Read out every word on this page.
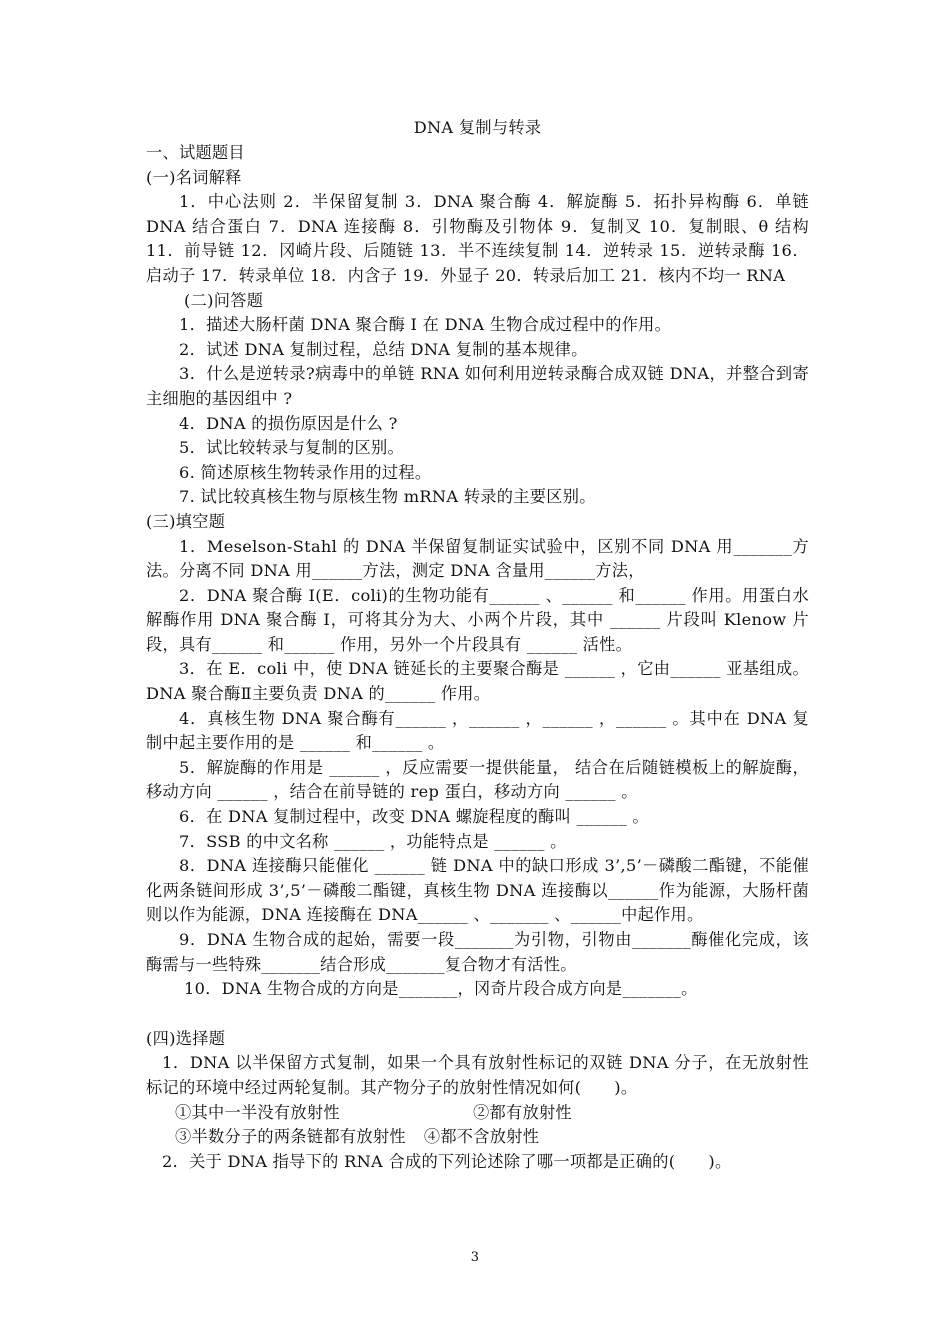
DNA 复制与转录

一、试题题目

(一)名词解释

1．中心法则 2．半保留复制 3．DNA 聚合酶 4．解旋酶 5．拓扑异构酶 6．单链 DNA 结合蛋白 7．DNA 连接酶 8．引物酶及引物体 9．复制叉 10．复制眼、θ 结构 11．前导链 12．冈崎片段、后随链 13．半不连续复制 14．逆转录 15．逆转录酶 16．启动子 17．转录单位 18．内含子 19．外显子 20．转录后加工 21．核内不均一 RNA

(二)问答题

1．描述大肠杆菌 DNA 聚合酶 I 在 DNA 生物合成过程中的作用。

2．试述 DNA 复制过程，总结 DNA 复制的基本规律。

3．什么是逆转录?病毒中的单链 RNA 如何利用逆转录酶合成双链 DNA，并整合到寄主细胞的基因组中 ?

4．DNA 的损伤原因是什么 ?

5．试比较转录与复制的区别。

6. 简述原核生物转录作用的过程。

7. 试比较真核生物与原核生物 mRNA 转录的主要区别。

(三)填空题

1．Meselson-Stahl 的 DNA 半保留复制证实试验中，区别不同 DNA 用_______方法。分离不同 DNA 用______方法，测定 DNA 含量用______方法，

2．DNA 聚合酶 I(E．coli)的生物功能有______ 、______ 和______ 作用。用蛋白水解酶作用 DNA 聚合酶 I，可将其分为大、小两个片段，其中 ______ 片段叫 Klenow 片段，具有______ 和______ 作用，另外一个片段具有 ______ 活性。

3．在 E．coli 中，使 DNA 链延长的主要聚合酶是 ______ ，它由______ 亚基组成。DNA 聚合酶Ⅱ主要负责 DNA 的______ 作用。

4．真核生物 DNA 聚合酶有______ ，______ ，______ ，______ 。其中在 DNA 复制中起主要作用的是 ______ 和______ 。

5．解旋酶的作用是 ______ ，反应需要一提供能量， 结合在后随链模板上的解旋酶，移动方向 ______ ，结合在前导链的 rep 蛋白，移动方向 ______ 。

6．在 DNA 复制过程中，改变 DNA 螺旋程度的酶叫 ______ 。

7．SSB 的中文名称 ______ ，功能特点是 ______ 。

8．DNA 连接酶只能催化 ______ 链 DNA 中的缺口形成 3’,5’－磷酸二酯键，不能催化两条链间形成 3’,5’－磷酸二酯键，真核生物 DNA 连接酶以______作为能源，大肠杆菌则以作为能源，DNA 连接酶在 DNA______ 、_______ 、______中起作用。

9．DNA 生物合成的起始，需要一段_______为引物，引物由_______酶催化完成，该酶需与一些特殊_______结合形成_______复合物才有活性。

10．DNA 生物合成的方向是_______，冈奇片段合成方向是_______。

(四)选择题

1．DNA 以半保留方式复制，如果一个具有放射性标记的双链 DNA 分子，在无放射性标记的环境中经过两轮复制。其产物分子的放射性情况如何(　　)。

①其中一半没有放射性	②都有放射性

③半数分子的两条链都有放射性 ④都不含放射性

2．关于 DNA 指导下的 RNA 合成的下列论述除了哪一项都是正确的(　　)。

3
